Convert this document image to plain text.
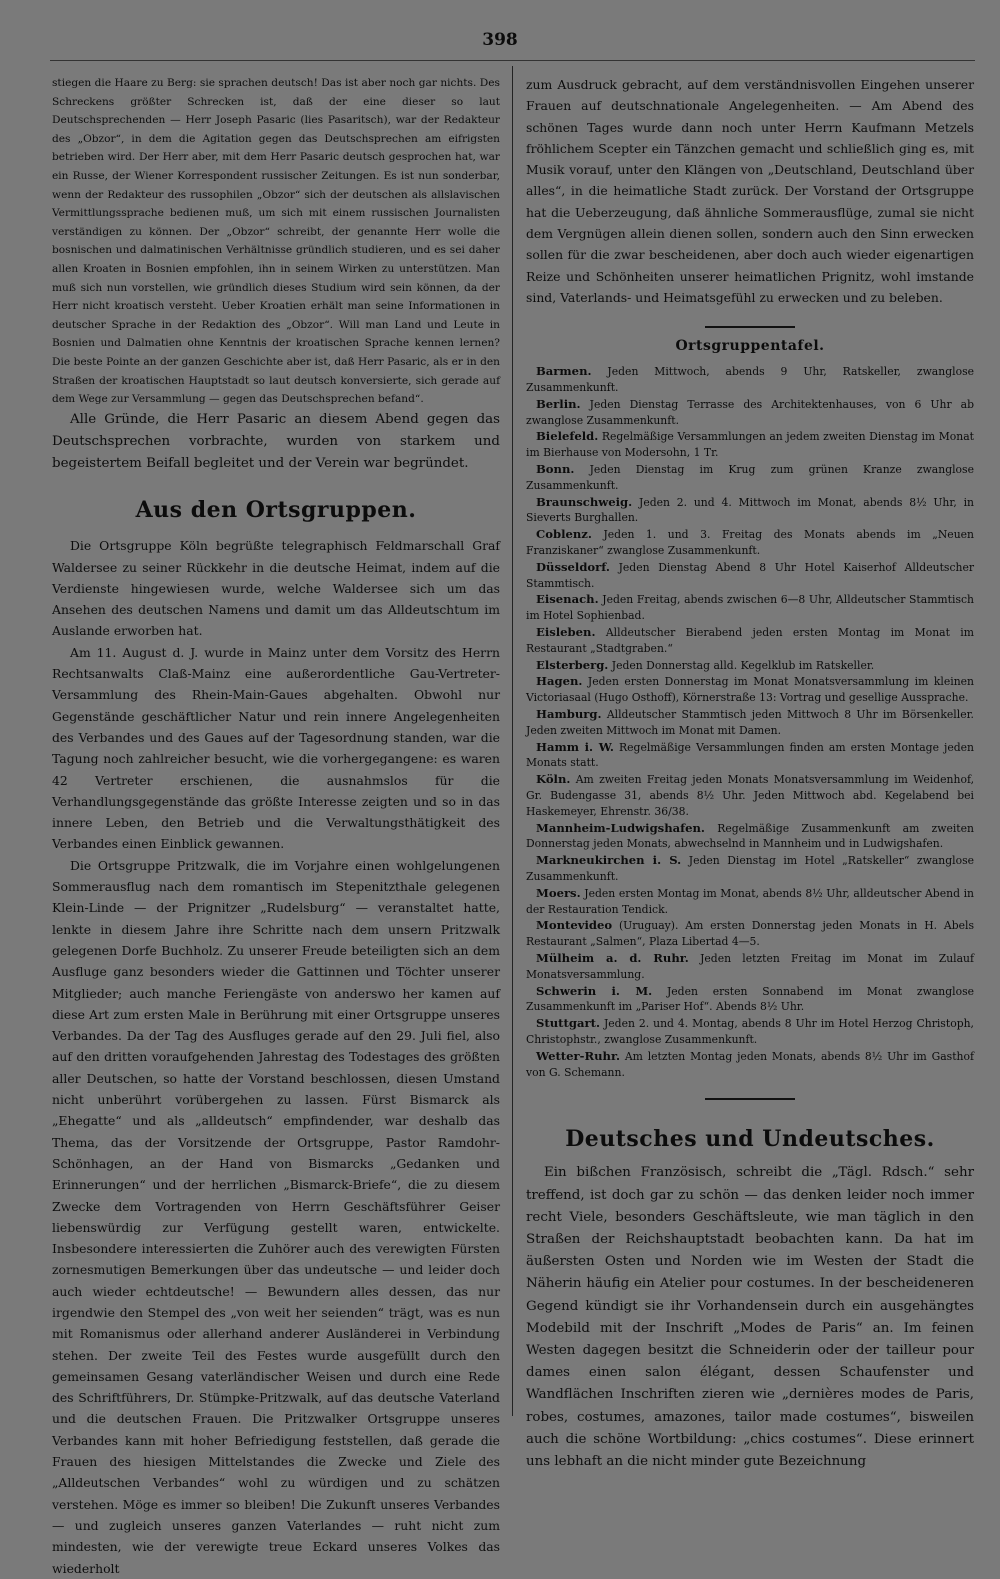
398

stiegen die Haare zu Berg: sie sprachen deutsch! Das ist aber noch gar nichts. Des Schreckens größter Schrecken ist, daß der eine dieser so laut Deutschsprechenden — Herr Joseph Pasaric (lies Pasaritsch), war der Redakteur des „Obzor“, in dem die Agitation gegen das Deutschsprechen am eifrigsten betrieben wird. Der Herr aber, mit dem Herr Pasaric deutsch gesprochen hat, war ein Russe, der Wiener Korrespondent russischer Zeitungen. Es ist nun sonderbar, wenn der Redakteur des russophilen „Obzor“ sich der deutschen als allslavischen Vermittlungssprache bedienen muß, um sich mit einem russischen Journalisten verständigen zu können. Der „Obzor“ schreibt, der genannte Herr wolle die bosnischen und dalmatinischen Verhältnisse gründlich studieren, und es sei daher allen Kroaten in Bosnien empfohlen, ihn in seinem Wirken zu unterstützen. Man muß sich nun vorstellen, wie gründlich dieses Studium wird sein können, da der Herr nicht kroatisch versteht. Ueber Kroatien erhält man seine Informationen in deutscher Sprache in der Redaktion des „Obzor“. Will man Land und Leute in Bosnien und Dalmatien ohne Kenntnis der kroatischen Sprache kennen lernen? Die beste Pointe an der ganzen Geschichte aber ist, daß Herr Pasaric, als er in den Straßen der kroatischen Hauptstadt so laut deutsch konversierte, sich gerade auf dem Wege zur Versammlung — gegen das Deutschsprechen befand“.

Alle Gründe, die Herr Pasaric an diesem Abend gegen das Deutschsprechen vorbrachte, wurden von starkem und begeistertem Beifall begleitet und der Verein war begründet.

Aus den Ortsgruppen.

Die Ortsgruppe Köln begrüßte telegraphisch Feldmarschall Graf Waldersee zu seiner Rückkehr in die deutsche Heimat, indem auf die Verdienste hingewiesen wurde, welche Waldersee sich um das Ansehen des deutschen Namens und damit um das Alldeutschtum im Auslande erworben hat.

Am 11. August d. J. wurde in Mainz unter dem Vorsitz des Herrn Rechtsanwalts Claß-Mainz eine außerordentliche Gau-Vertreter-Versammlung des Rhein-Main-Gaues abgehalten. Obwohl nur Gegenstände geschäftlicher Natur und rein innere Angelegenheiten des Verbandes und des Gaues auf der Tagesordnung standen, war die Tagung noch zahlreicher besucht, wie die vorhergegangene: es waren 42 Vertreter erschienen, die ausnahmslos für die Verhandlungsgegenstände das größte Interesse zeigten und so in das innere Leben, den Betrieb und die Verwaltungsthätigkeit des Verbandes einen Einblick gewannen.

Die Ortsgruppe Pritzwalk, die im Vorjahre einen wohlgelungenen Sommerausflug nach dem romantisch im Stepenitzthale gelegenen Klein-Linde — der Prignitzer „Rudelsburg“ — veranstaltet hatte, lenkte in diesem Jahre ihre Schritte nach dem unsern Pritzwalk gelegenen Dorfe Buchholz. Zu unserer Freude beteiligten sich an dem Ausfluge ganz besonders wieder die Gattinnen und Töchter unserer Mitglieder; auch manche Feriengäste von anderswo her kamen auf diese Art zum ersten Male in Berührung mit einer Ortsgruppe unseres Verbandes. Da der Tag des Ausfluges gerade auf den 29. Juli fiel, also auf den dritten voraufgehenden Jahrestag des Todestages des größten aller Deutschen, so hatte der Vorstand beschlossen, diesen Umstand nicht unberührt vorübergehen zu lassen. Fürst Bismarck als „Ehegatte“ und als „alldeutsch“ empfindender, war deshalb das Thema, das der Vorsitzende der Ortsgruppe, Pastor Ramdohr-Schönhagen, an der Hand von Bismarcks „Gedanken und Erinnerungen“ und der herrlichen „Bismarck-Briefe“, die zu diesem Zwecke dem Vortragenden von Herrn Geschäftsführer Geiser liebenswürdig zur Verfügung gestellt waren, entwickelte. Insbesondere interessierten die Zuhörer auch des verewigten Fürsten zornesmutigen Bemerkungen über das undeutsche — und leider doch auch wieder echtdeutsche! — Bewundern alles dessen, das nur irgendwie den Stempel des „von weit her seienden“ trägt, was es nun mit Romanismus oder allerhand anderer Ausländerei in Verbindung stehen. Der zweite Teil des Festes wurde ausgefüllt durch den gemeinsamen Gesang vaterländischer Weisen und durch eine Rede des Schriftführers, Dr. Stümpke-Pritzwalk, auf das deutsche Vaterland und die deutschen Frauen. Die Pritzwalker Ortsgruppe unseres Verbandes kann mit hoher Befriedigung feststellen, daß gerade die Frauen des hiesigen Mittelstandes die Zwecke und Ziele des „Alldeutschen Verbandes“ wohl zu würdigen und zu schätzen verstehen. Möge es immer so bleiben! Die Zukunft unseres Verbandes — und zugleich unseres ganzen Vaterlandes — ruht nicht zum mindesten, wie der verewigte treue Eckard unseres Volkes das wiederholt

zum Ausdruck gebracht, auf dem verständnisvollen Eingehen unserer Frauen auf deutschnationale Angelegenheiten. — Am Abend des schönen Tages wurde dann noch unter Herrn Kaufmann Metzels fröhlichem Scepter ein Tänzchen gemacht und schließlich ging es, mit Musik vorauf, unter den Klängen von „Deutschland, Deutschland über alles“, in die heimatliche Stadt zurück. Der Vorstand der Ortsgruppe hat die Ueberzeugung, daß ähnliche Sommerausflüge, zumal sie nicht dem Vergnügen allein dienen sollen, sondern auch den Sinn erwecken sollen für die zwar bescheidenen, aber doch auch wieder eigenartigen Reize und Schönheiten unserer heimatlichen Prignitz, wohl imstande sind, Vaterlands- und Heimatsgefühl zu erwecken und zu beleben.

Ortsgruppentafel.

Barmen. Jeden Mittwoch, abends 9 Uhr, Ratskeller, zwanglose Zusammenkunft.

Berlin. Jeden Dienstag Terrasse des Architektenhauses, von 6 Uhr ab zwanglose Zusammenkunft.

Bielefeld. Regelmäßige Versammlungen an jedem zweiten Dienstag im Monat im Bierhause von Modersohn, 1 Tr.

Bonn. Jeden Dienstag im Krug zum grünen Kranze zwanglose Zusammenkunft.

Braunschweig. Jeden 2. und 4. Mittwoch im Monat, abends 8½ Uhr, in Sieverts Burghallen.

Coblenz. Jeden 1. und 3. Freitag des Monats abends im „Neuen Franziskaner“ zwanglose Zusammenkunft.

Düsseldorf. Jeden Dienstag Abend 8 Uhr Hotel Kaiserhof Alldeutscher Stammtisch.

Eisenach. Jeden Freitag, abends zwischen 6—8 Uhr, Alldeutscher Stammtisch im Hotel Sophienbad.

Eisleben. Alldeutscher Bierabend jeden ersten Montag im Monat im Restaurant „Stadtgraben.“

Elsterberg. Jeden Donnerstag alld. Kegelklub im Ratskeller.

Hagen. Jeden ersten Donnerstag im Monat Monatsversammlung im kleinen Victoriasaal (Hugo Osthoff), Körnerstraße 13: Vortrag und gesellige Aussprache.

Hamburg. Alldeutscher Stammtisch jeden Mittwoch 8 Uhr im Börsenkeller. Jeden zweiten Mittwoch im Monat mit Damen.

Hamm i. W. Regelmäßige Versammlungen finden am ersten Montage jeden Monats statt.

Köln. Am zweiten Freitag jeden Monats Monatsversammlung im Weidenhof, Gr. Budengasse 31, abends 8½ Uhr. Jeden Mittwoch abd. Kegelabend bei Haskemeyer, Ehrenstr. 36/38.

Mannheim-Ludwigshafen. Regelmäßige Zusammenkunft am zweiten Donnerstag jeden Monats, abwechselnd in Mannheim und in Ludwigshafen.

Markneukirchen i. S. Jeden Dienstag im Hotel „Ratskeller“ zwanglose Zusammenkunft.

Moers. Jeden ersten Montag im Monat, abends 8½ Uhr, alldeutscher Abend in der Restauration Tendick.

Montevideo (Uruguay). Am ersten Donnerstag jeden Monats in H. Abels Restaurant „Salmen“, Plaza Libertad 4—5.

Mülheim a. d. Ruhr. Jeden letzten Freitag im Monat im Zulauf Monatsversammlung.

Schwerin i. M. Jeden ersten Sonnabend im Monat zwanglose Zusammenkunft im „Pariser Hof“. Abends 8½ Uhr.

Stuttgart. Jeden 2. und 4. Montag, abends 8 Uhr im Hotel Herzog Christoph, Christophstr., zwanglose Zusammenkunft.

Wetter-Ruhr. Am letzten Montag jeden Monats, abends 8½ Uhr im Gasthof von G. Schemann.

Deutsches und Undeutsches.

Ein bißchen Französisch, schreibt die „Tägl. Rdsch.“ sehr treffend, ist doch gar zu schön — das denken leider noch immer recht Viele, besonders Geschäftsleute, wie man täglich in den Straßen der Reichshauptstadt beobachten kann. Da hat im äußersten Osten und Norden wie im Westen der Stadt die Näherin häufig ein Atelier pour costumes. In der bescheideneren Gegend kündigt sie ihr Vorhandensein durch ein ausgehängtes Modebild mit der Inschrift „Modes de Paris“ an. Im feinen Westen dagegen besitzt die Schneiderin oder der tailleur pour dames einen salon élégant, dessen Schaufenster und Wandflächen Inschriften zieren wie „dernières modes de Paris, robes, costumes, amazones, tailor made costumes“, bisweilen auch die schöne Wortbildung: „chics costumes“. Diese erinnert uns lebhaft an die nicht minder gute Bezeichnung
